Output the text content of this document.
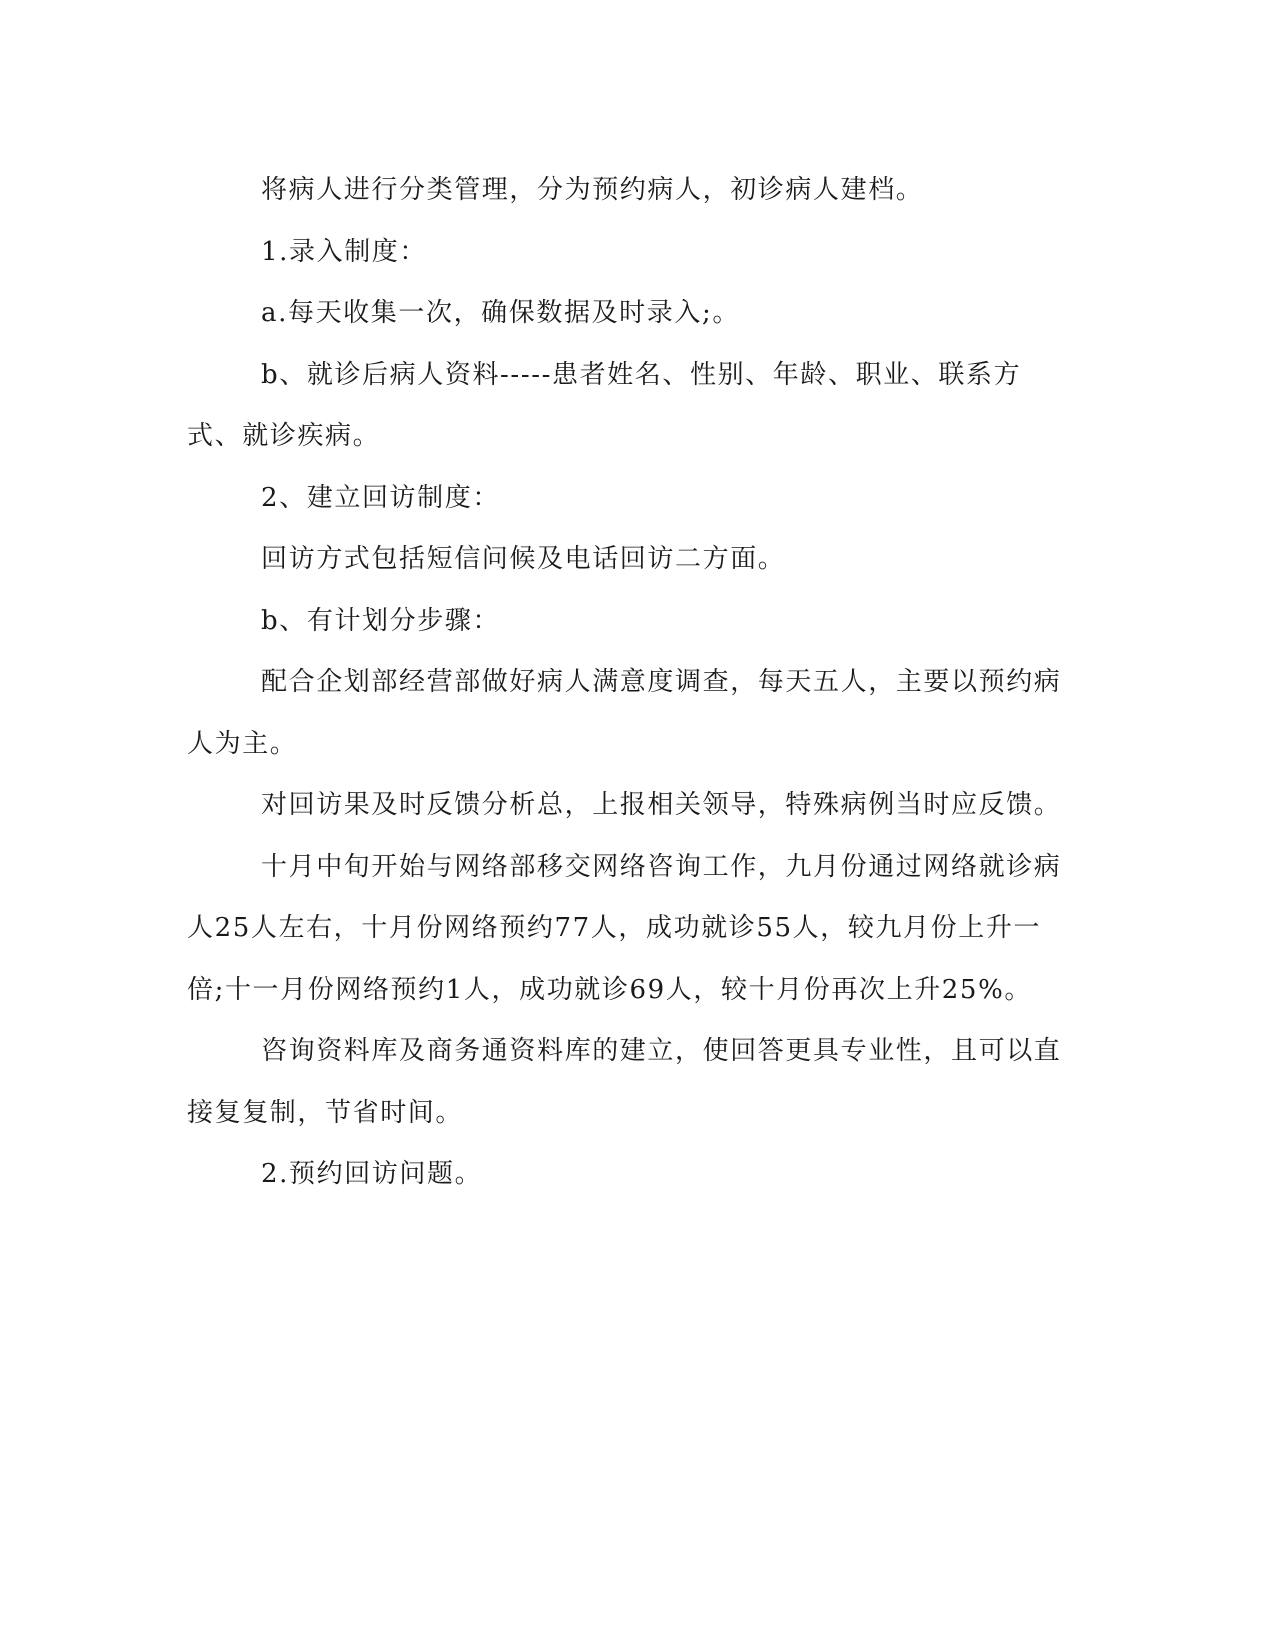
将病人进行分类管理，分为预约病人，初诊病人建档。

1.录入制度：

a.每天收集一次，确保数据及时录入;。

b、就诊后病人资料-----患者姓名、性别、年龄、职业、联系方式、就诊疾病。

2、建立回访制度：

回访方式包括短信问候及电话回访二方面。

b、有计划分步骤：

配合企划部经营部做好病人满意度调查，每天五人，主要以预约病人为主。

对回访果及时反馈分析总，上报相关领导，特殊病例当时应反馈。

十月中旬开始与网络部移交网络咨询工作，九月份通过网络就诊病人25人左右，十月份网络预约77人，成功就诊55人，较九月份上升一倍;十一月份网络预约1人，成功就诊69人，较十月份再次上升25%。

咨询资料库及商务通资料库的建立，使回答更具专业性，且可以直接复复制，节省时间。

2.预约回访问题。
